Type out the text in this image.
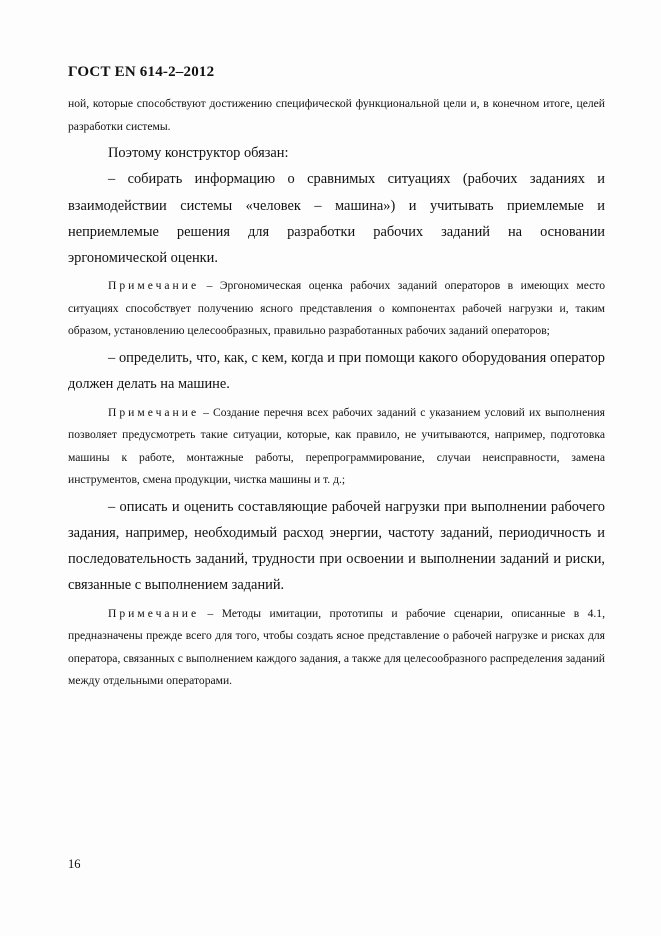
ГОСТ EN 614-2–2012

ной, которые способствуют достижению специфической функциональной цели и, в конечном итоге, целей разработки системы.

Поэтому конструктор обязан:

– собирать информацию о сравнимых ситуациях (рабочих заданиях и взаимодействии системы «человек – машина») и учитывать приемлемые и неприемлемые решения для разработки рабочих заданий на основании эргономической оценки.

Примечание – Эргономическая оценка рабочих заданий операторов в имеющих место ситуациях способствует получению ясного представления о компонентах рабочей нагрузки и, таким образом, установлению целесообразных, правильно разработанных рабочих заданий операторов;

– определить, что, как, с кем, когда и при помощи какого оборудования оператор должен делать на машине.

Примечание – Создание перечня всех рабочих заданий с указанием условий их выполнения позволяет предусмотреть такие ситуации, которые, как правило, не учитываются, например, подготовка машины к работе, монтажные работы, перепрограммирование, случаи неисправности, замена инструментов, смена продукции, чистка машины и т. д.;

– описать и оценить составляющие рабочей нагрузки при выполнении рабочего задания, например, необходимый расход энергии, частоту заданий, периодичность и последовательность заданий, трудности при освоении и выполнении заданий и риски, связанные с выполнением заданий.

Примечание – Методы имитации, прототипы и рабочие сценарии, описанные в 4.1, предназначены прежде всего для того, чтобы создать ясное представление о рабочей нагрузке и рисках для оператора, связанных с выполнением каждого задания, а также для целесообразного распределения заданий между отдельными операторами.

16
